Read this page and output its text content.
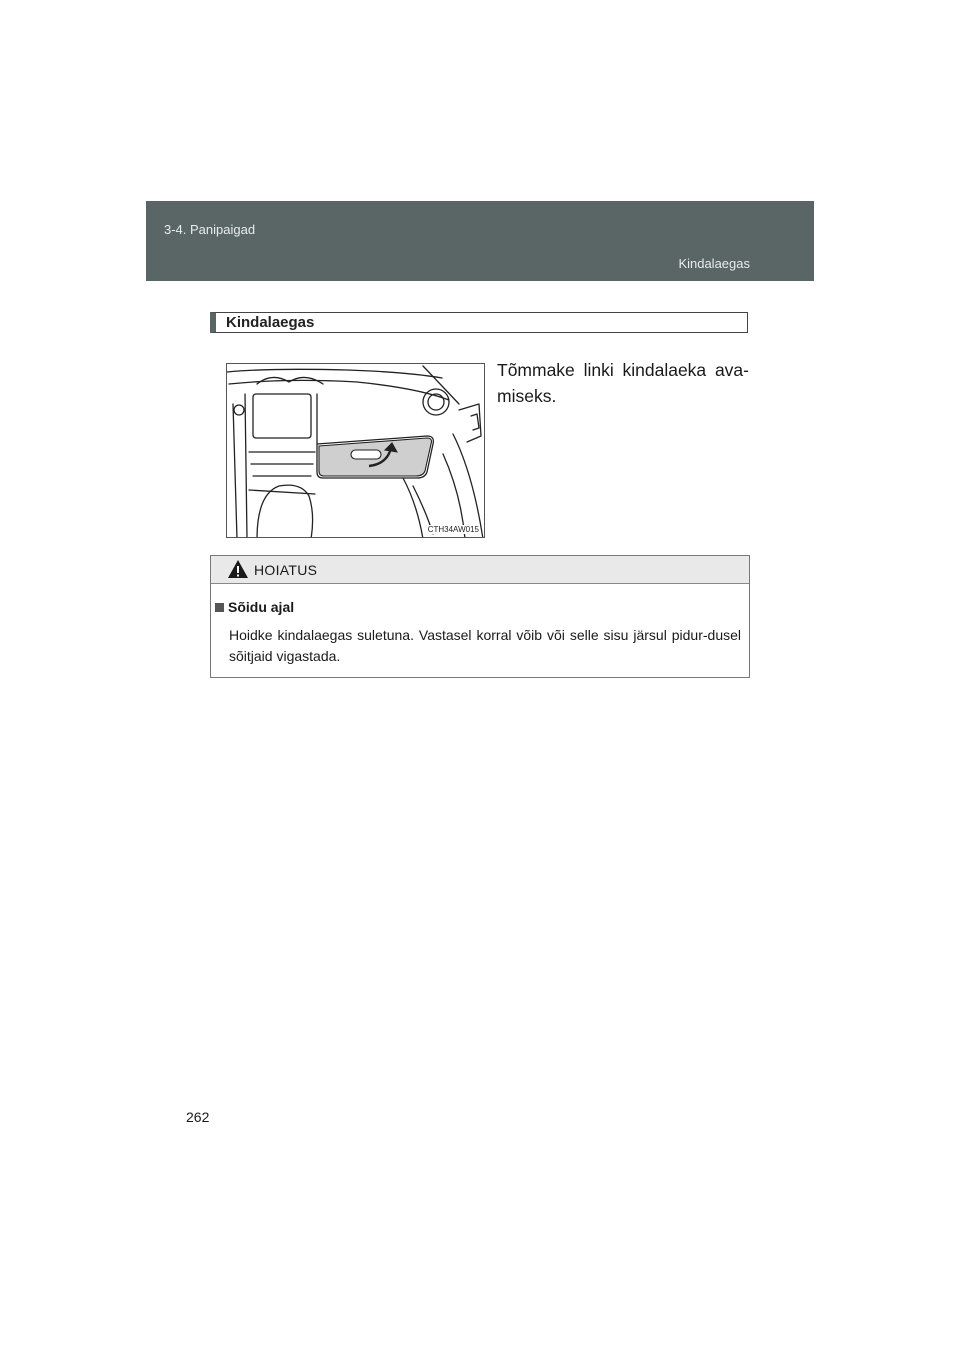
3-4. Panipaigad
Kindalaegas
Kindalaegas
CTH34AW015
Tõmmake linki kindalaeka ava-miseks.
HOIATUS
Sõidu ajal
Hoidke kindalaegas suletuna. Vastasel korral võib või selle sisu järsul pidur-dusel sõitjaid vigastada.
262
